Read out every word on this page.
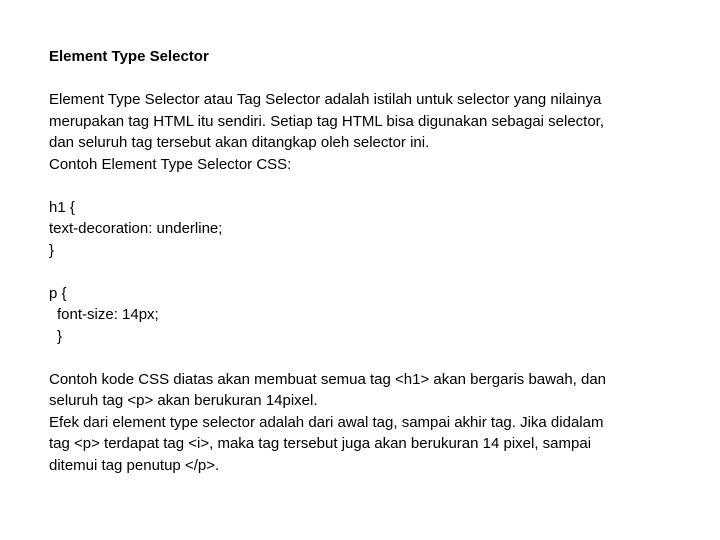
Element Type Selector
Element Type Selector atau Tag Selector adalah istilah untuk selector yang nilainya
merupakan tag HTML itu sendiri. Setiap tag HTML bisa digunakan sebagai selector,
dan seluruh tag tersebut akan ditangkap oleh selector ini.
Contoh Element Type Selector CSS:
h1 {
text-decoration: underline;
}
p {
font-size: 14px;
}
Contoh kode CSS diatas akan membuat semua tag <h1> akan bergaris bawah, dan
seluruh tag <p> akan berukuran 14pixel.
Efek dari element type selector adalah dari awal tag, sampai akhir tag. Jika didalam
tag <p> terdapat tag <i>, maka tag tersebut juga akan berukuran 14 pixel, sampai
ditemui tag penutup </p>.
